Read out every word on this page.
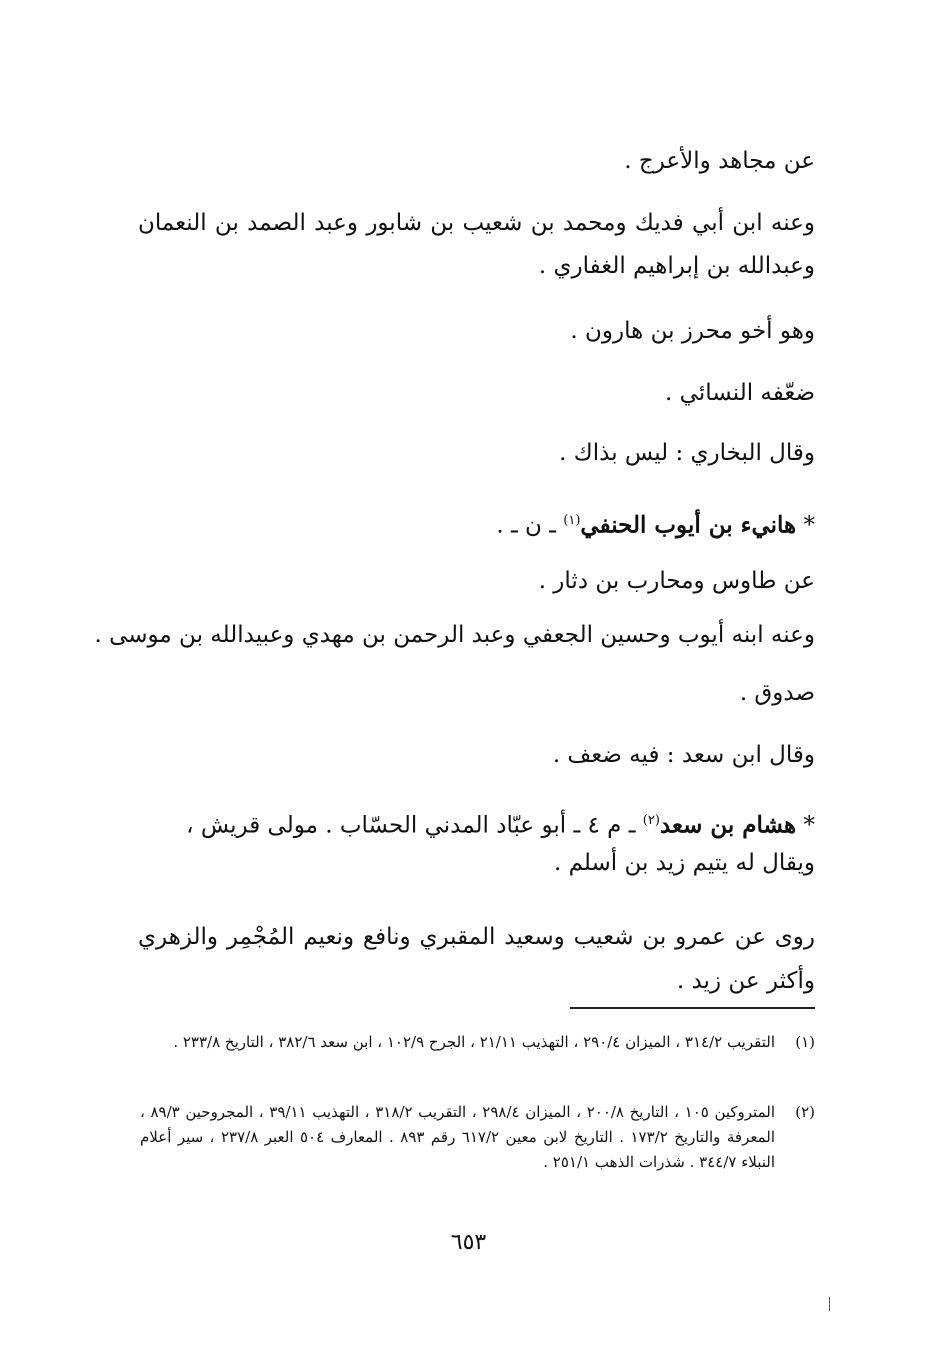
عن مجاهد والأعرج .
وعنه ابن أبي فديك ومحمد بن شعيب بن شابور وعبد الصمد بن النعمان
وعبدالله بن إبراهيم الغفاري .
وهو أخو محرز بن هارون .
ضعّفه النسائي .
وقال البخاري : ليس بذاك .
* هانيء بن أيوب الحنفي$^{(١)}$ ـ ن ـ .
عن طاوس ومحارب بن دثار .
وعنه ابنه أيوب وحسين الجعفي وعبد الرحمن بن مهدي وعبيدالله بن موسى .
صدوق .
وقال ابن سعد : فيه ضعف .
* هشام بن سعد$^{(٢)}$ ـ م ٤ ـ أبو عبّاد المدني الحسّاب . مولى قريش ،
ويقال له يتيم زيد بن أسلم .
روى عن عمرو بن شعيب وسعيد المقبري ونافع ونعيم المُجْمِر والزهري
وأكثر عن زيد .
(١)
التقريب ٣١٤/٢ ، الميزان ٢٩٠/٤ ، التهذيب ٢١/١١ ، الجرح ١٠٢/٩ ، ابن سعد ٣٨٢/٦ ، التاريخ ٢٣٣/٨ .
(٢)
المتروكين ١٠٥ ، التاريخ ٢٠٠/٨ ، الميزان ٢٩٨/٤ ، التقريب ٣١٨/٢ ، التهذيب ٣٩/١١ ، المجروحين ٨٩/٣ ، المعرفة والتاريخ ١٧٣/٢ . التاريخ لابن معين ٦١٧/٢ رقم ٨٩٣ . المعارف ٥٠٤ العبر ٢٣٧/٨ ، سير أعلام النبلاء ٣٤٤/٧ . شذرات الذهب ٢٥١/١ .
٦٥٣
